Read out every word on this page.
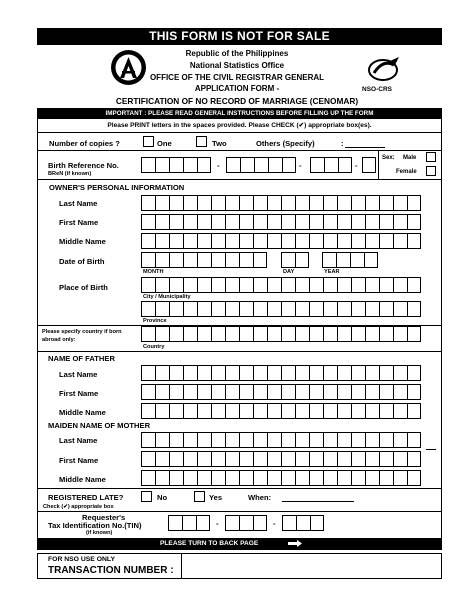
THIS FORM IS NOT FOR SALE
NSO-CRS
Republic of the Philippines
National Statistics Office
OFFICE OF THE CIVIL REGISTRAR GENERAL
APPLICATION FORM -
CERTIFICATION OF NO RECORD OF MARRIAGE (CENOMAR)
IMPORTANT : PLEASE READ GENERAL INSTRUCTIONS BEFORE FILLING UP THE FORM
Please PRINT letters in the spaces provided. Please CHECK (✔) appropriate box(es).
Number of copies ?	One	Two	Others (Specify)	:
Birth Reference No.
BReN (if known)
-	-	-
Sex: Male
Female
OWNER'S PERSONAL INFORMATION
Last Name
First Name
Middle Name
Date of Birth
MONTH	DAY	YEAR
Place of Birth
City / Municipality
Province
Please specify country if born abroad only:
Country
NAME OF FATHER
Last Name
First Name
Middle Name
MAIDEN NAME OF MOTHER
Last Name
First Name
Middle Name
REGISTERED LATE?
Check (✔) appropriate box
No	Yes	When:
Requester's
Tax Identification No.(TIN)
(if known)
-	-
PLEASE TURN TO BACK PAGE
FOR NSO USE ONLY
TRANSACTION NUMBER :
